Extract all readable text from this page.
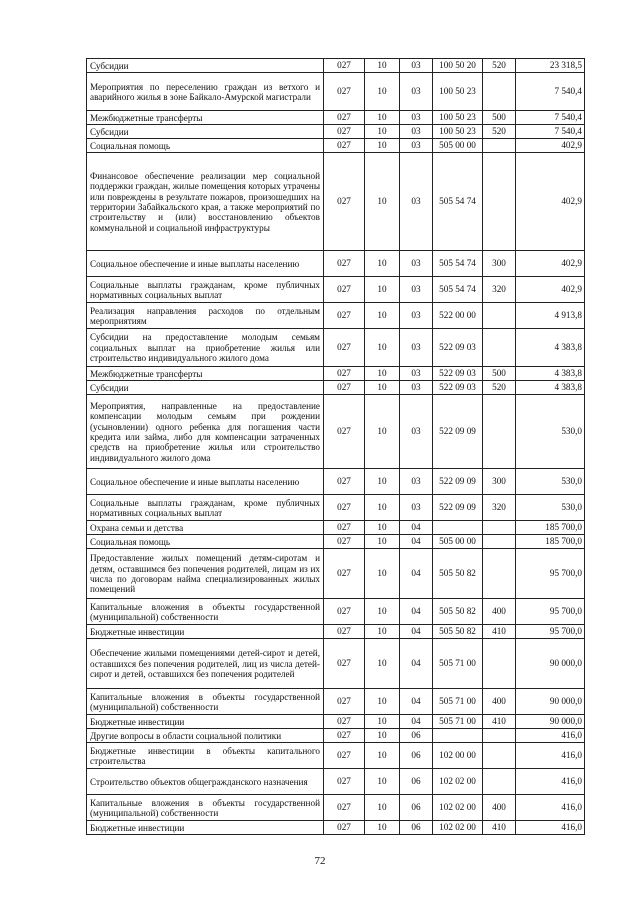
Субсидии	027	10	03	100 50 20	520	23 318,5
Мероприятия по переселению граждан из ветхого и аварийного жилья в зоне Байкало-Амурской магистрали	027	10	03	100 50 23		7 540,4
Межбюджетные трансферты	027	10	03	100 50 23	500	7 540,4
Субсидии	027	10	03	100 50 23	520	7 540,4
Социальная помощь	027	10	03	505 00 00		402,9
Финансовое обеспечение реализации мер социальной поддержки граждан, жилые помещения которых утрачены или повреждены в результате пожаров, произошедших на территории Забайкальского края, а также мероприятий по строительству и (или) восстановлению объектов коммунальной и социальной инфраструктуры	027	10	03	505 54 74		402,9
Социальное обеспечение и иные выплаты населению	027	10	03	505 54 74	300	402,9
Социальные выплаты гражданам, кроме публичных нормативных социальных выплат	027	10	03	505 54 74	320	402,9
Реализация направления расходов по отдельным мероприятиям	027	10	03	522 00 00		4 913,8
Субсидии на предоставление молодым семьям социальных выплат на приобретение жилья или строительство индивидуального жилого дома	027	10	03	522 09 03		4 383,8
Межбюджетные трансферты	027	10	03	522 09 03	500	4 383,8
Субсидии	027	10	03	522 09 03	520	4 383,8
Мероприятия, направленные на предоставление компенсации молодым семьям при рождении (усыновлении) одного ребенка для погашения части кредита или займа, либо для компенсации затраченных средств на приобретение жилья или строительство индивидуального жилого дома	027	10	03	522 09 09		530,0
Социальное обеспечение и иные выплаты населению	027	10	03	522 09 09	300	530,0
Социальные выплаты гражданам, кроме публичных нормативных социальных выплат	027	10	03	522 09 09	320	530,0
Охрана семьи и детства	027	10	04			185 700,0
Социальная помощь	027	10	04	505 00 00		185 700,0
Предоставление жилых помещений детям-сиротам и детям, оставшимся без попечения родителей, лицам из их числа по договорам найма специализированных жилых помещений	027	10	04	505 50 82		95 700,0
Капитальные вложения в объекты государственной (муниципальной) собственности	027	10	04	505 50 82	400	95 700,0
Бюджетные инвестиции	027	10	04	505 50 82	410	95 700,0
Обеспечение жилыми помещениями детей-сирот и детей, оставшихся без попечения родителей, лиц из числа детей-сирот и детей, оставшихся без попечения родителей	027	10	04	505 71 00		90 000,0
Капитальные вложения в объекты государственной (муниципальной) собственности	027	10	04	505 71 00	400	90 000,0
Бюджетные инвестиции	027	10	04	505 71 00	410	90 000,0
Другие вопросы в области социальной политики	027	10	06			416,0
Бюджетные инвестиции в объекты капитального строительства	027	10	06	102 00 00		416,0
Строительство объектов общегражданского назначения	027	10	06	102 02 00		416,0
Капитальные вложения в объекты государственной (муниципальной) собственности	027	10	06	102 02 00	400	416,0
Бюджетные инвестиции	027	10	06	102 02 00	410	416,0
72
